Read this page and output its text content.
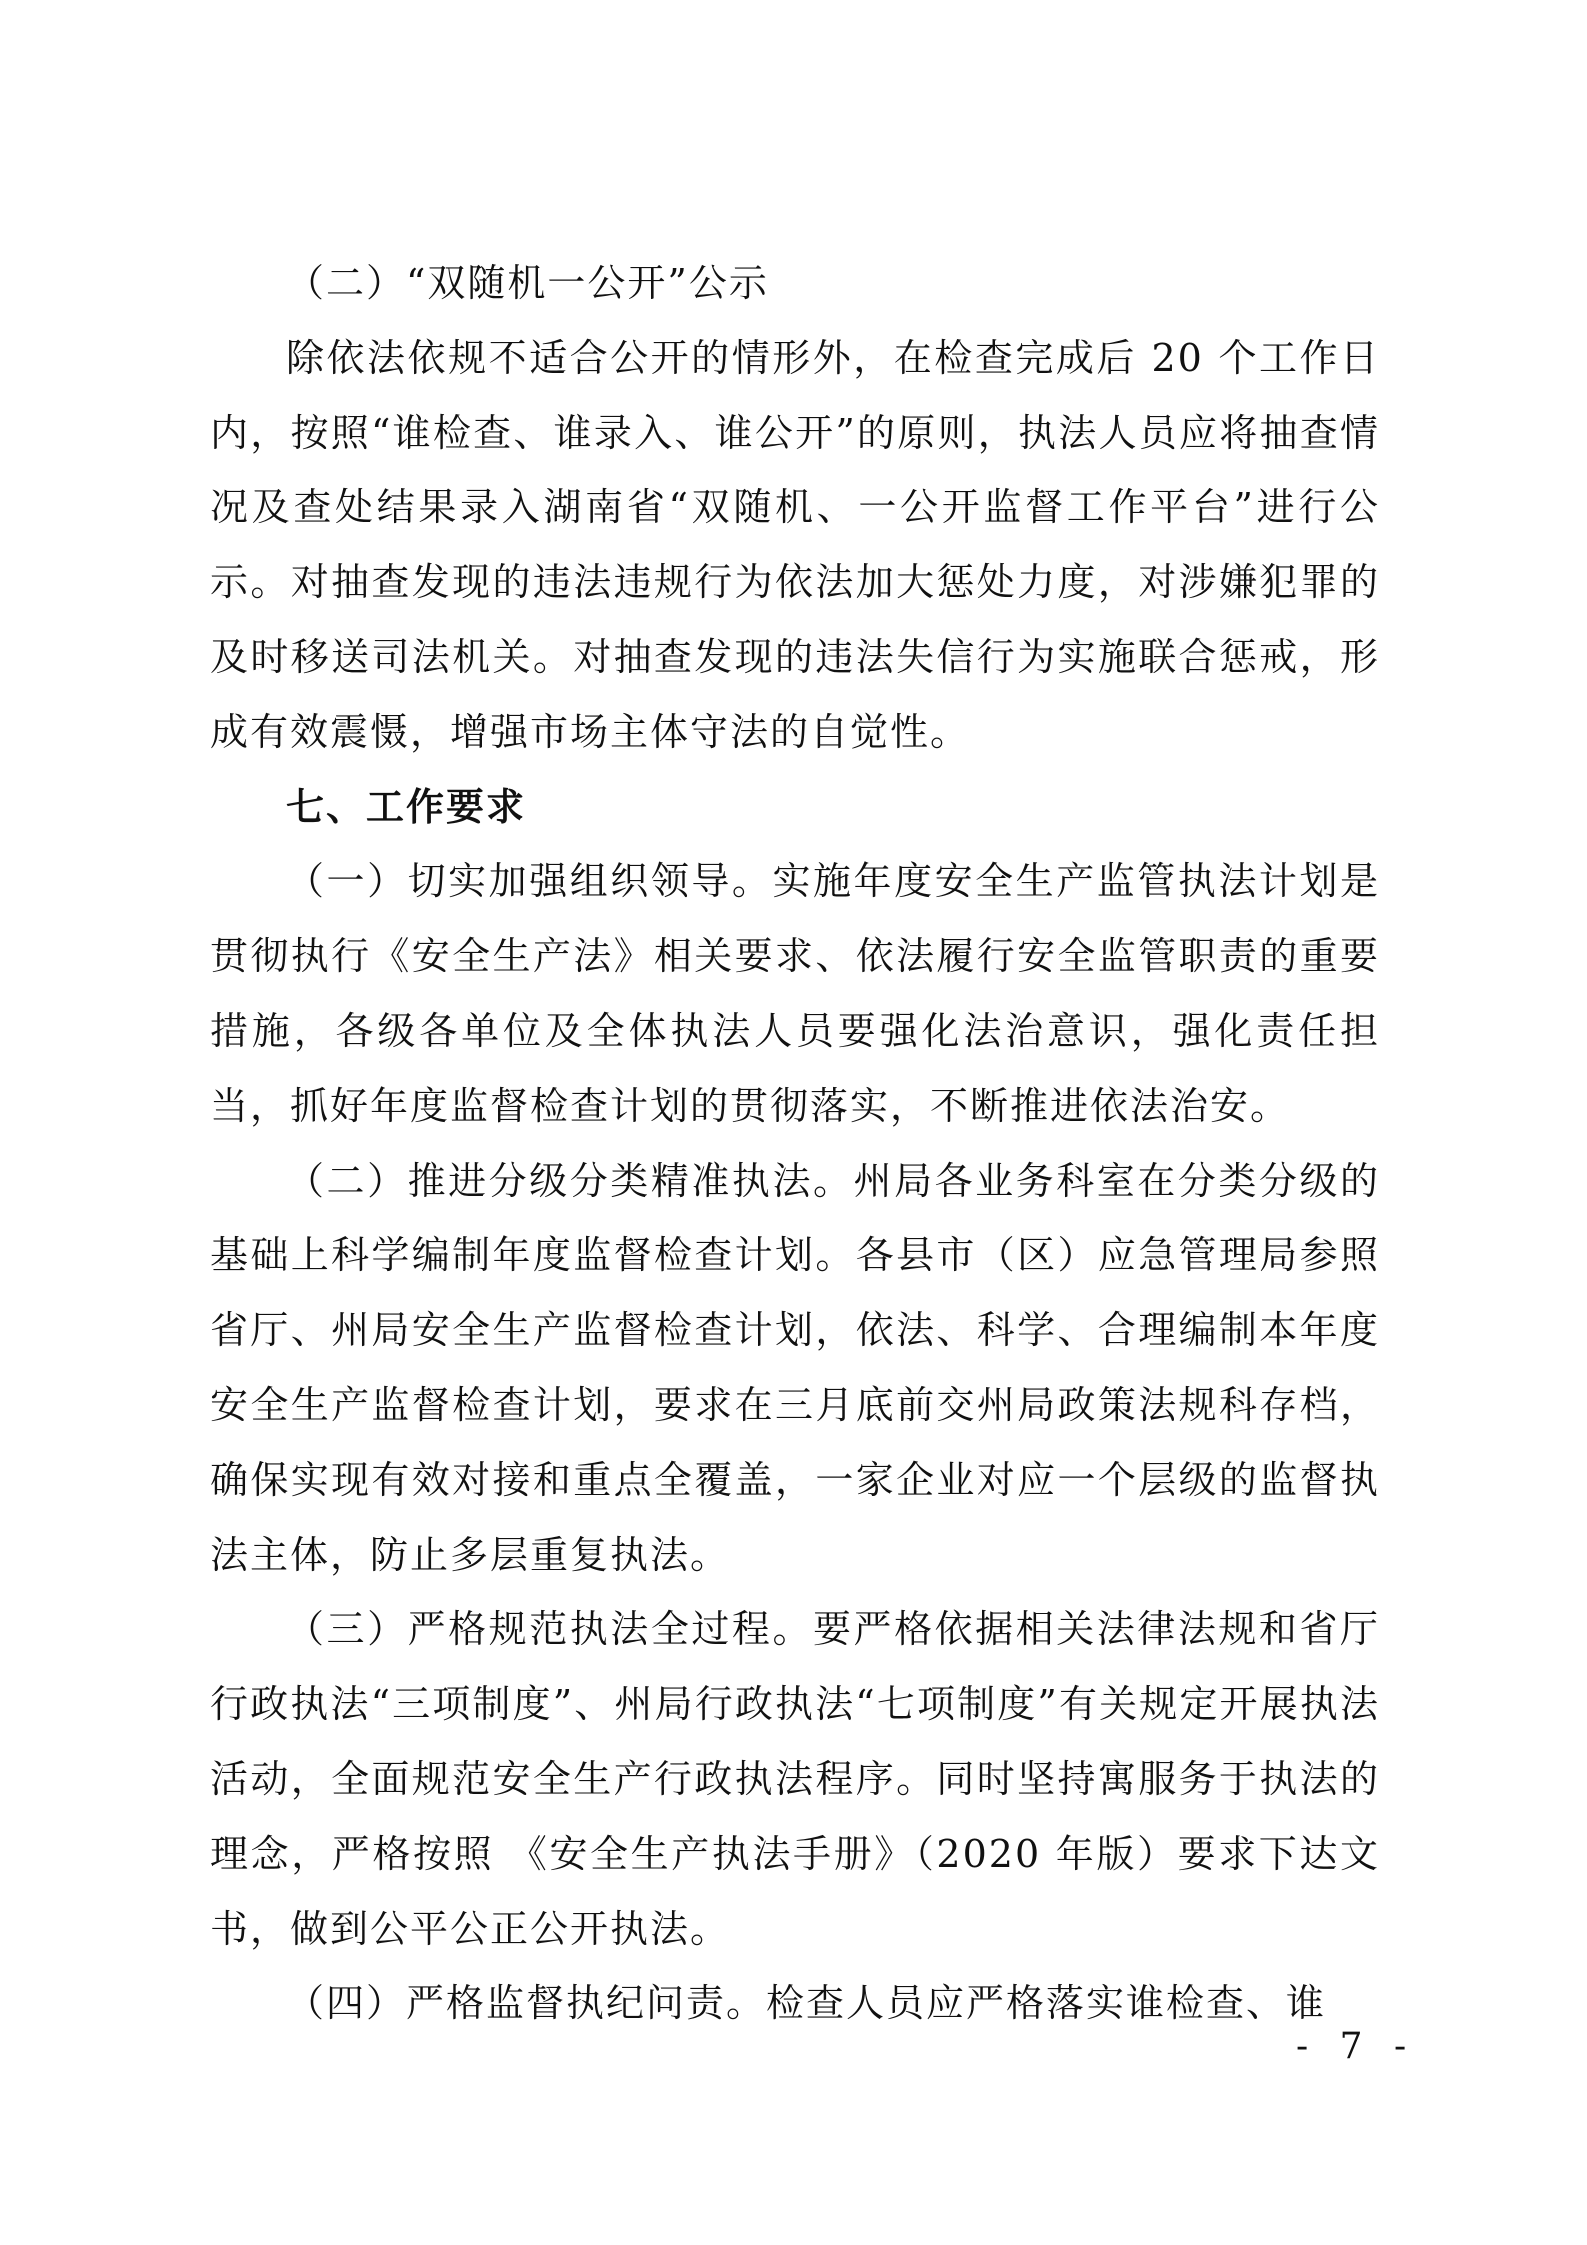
（二）“双随机一公开”公示

除依法依规不适合公开的情形外，在检查完成后 20 个工作日内，按照“谁检查、谁录入、谁公开”的原则，执法人员应将抽查情况及查处结果录入湖南省“双随机、一公开监督工作平台”进行公示。对抽查发现的违法违规行为依法加大惩处力度，对涉嫌犯罪的及时移送司法机关。对抽查发现的违法失信行为实施联合惩戒，形成有效震慑，增强市场主体守法的自觉性。

七、工作要求

（一）切实加强组织领导。实施年度安全生产监管执法计划是贯彻执行《安全生产法》相关要求、依法履行安全监管职责的重要措施，各级各单位及全体执法人员要强化法治意识，强化责任担当，抓好年度监督检查计划的贯彻落实，不断推进依法治安。

（二）推进分级分类精准执法。州局各业务科室在分类分级的基础上科学编制年度监督检查计划。各县市（区）应急管理局参照省厅、州局安全生产监督检查计划，依法、科学、合理编制本年度安全生产监督检查计划，要求在三月底前交州局政策法规科存档，确保实现有效对接和重点全覆盖，一家企业对应一个层级的监督执法主体，防止多层重复执法。

（三）严格规范执法全过程。要严格依据相关法律法规和省厅行政执法“三项制度”、州局行政执法“七项制度”有关规定开展执法活动，全面规范安全生产行政执法程序。同时坚持寓服务于执法的理念，严格按照 《安全生产执法手册》（2020 年版）要求下达文书，做到公平公正公开执法。

（四）严格监督执纪问责。检查人员应严格落实谁检查、谁

- 7 -
